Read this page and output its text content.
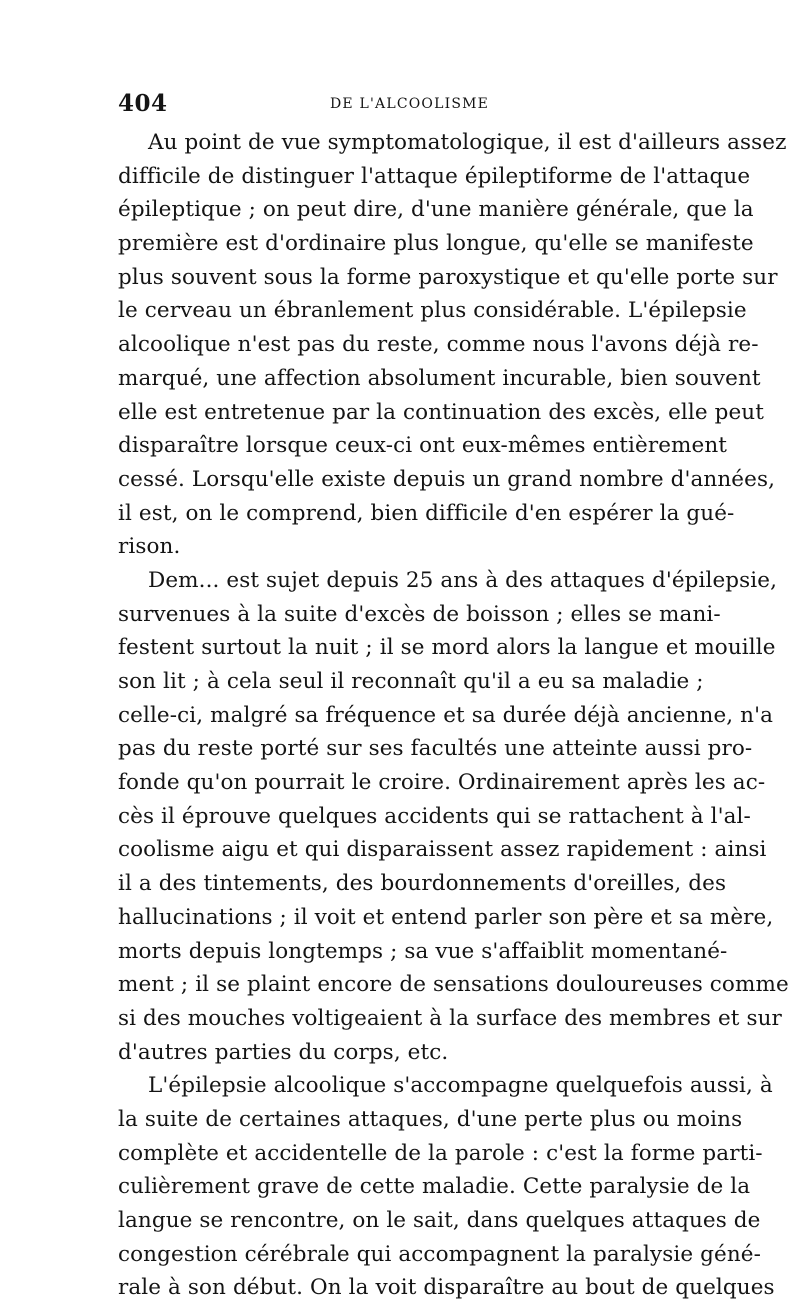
404	DE L'ALCOOLISME
Au point de vue symptomatologique, il est d'ailleurs assez
difficile de distinguer l'attaque épileptiforme de l'attaque
épileptique ; on peut dire, d'une manière générale, que la
première est d'ordinaire plus longue, qu'elle se manifeste
plus souvent sous la forme paroxystique et qu'elle porte sur
le cerveau un ébranlement plus considérable. L'épilepsie
alcoolique n'est pas du reste, comme nous l'avons déjà re-
marqué, une affection absolument incurable, bien souvent
elle est entretenue par la continuation des excès, elle peut
disparaître lorsque ceux-ci ont eux-mêmes entièrement
cessé. Lorsqu'elle existe depuis un grand nombre d'années,
il est, on le comprend, bien difficile d'en espérer la gué-
rison.
Dem... est sujet depuis 25 ans à des attaques d'épilepsie,
survenues à la suite d'excès de boisson ; elles se mani-
festent surtout la nuit ; il se mord alors la langue et mouille
son lit ; à cela seul il reconnaît qu'il a eu sa maladie ;
celle-ci, malgré sa fréquence et sa durée déjà ancienne, n'a
pas du reste porté sur ses facultés une atteinte aussi pro-
fonde qu'on pourrait le croire. Ordinairement après les ac-
cès il éprouve quelques accidents qui se rattachent à l'al-
coolisme aigu et qui disparaissent assez rapidement : ainsi
il a des tintements, des bourdonnements d'oreilles, des
hallucinations ; il voit et entend parler son père et sa mère,
morts depuis longtemps ; sa vue s'affaiblit momentané-
ment ; il se plaint encore de sensations douloureuses comme
si des mouches voltigeaient à la surface des membres et sur
d'autres parties du corps, etc.
L'épilepsie alcoolique s'accompagne quelquefois aussi, à
la suite de certaines attaques, d'une perte plus ou moins
complète et accidentelle de la parole : c'est la forme parti-
culièrement grave de cette maladie. Cette paralysie de la
langue se rencontre, on le sait, dans quelques attaques de
congestion cérébrale qui accompagnent la paralysie géné-
rale à son début. On la voit disparaître au bout de quelques
